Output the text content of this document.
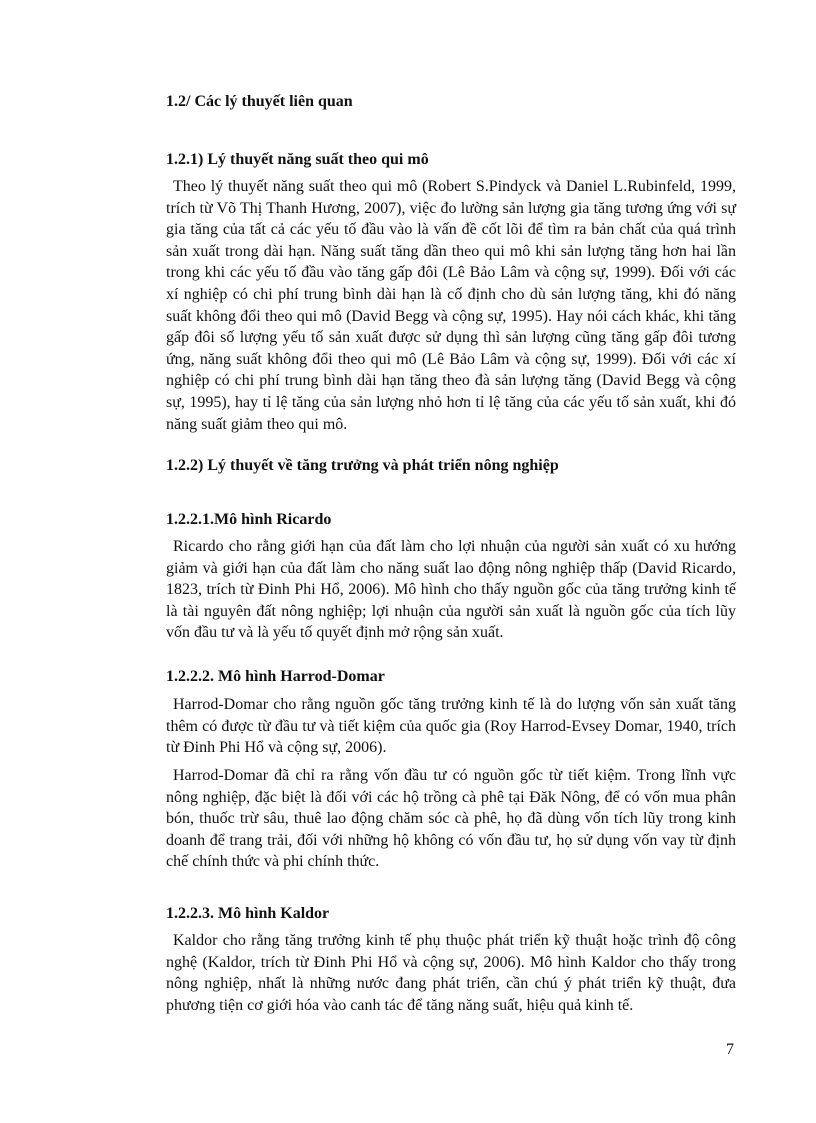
1.2/ Các lý thuyết liên quan
1.2.1) Lý thuyết năng suất theo qui mô

Theo lý thuyết năng suất theo qui mô (Robert S.Pindyck và Daniel L.Rubinfeld, 1999, trích từ Võ Thị Thanh Hương, 2007), việc đo lường sản lượng gia tăng tương ứng với sự gia tăng của tất cả các yếu tố đầu vào là vấn đề cốt lõi để tìm ra bản chất của quá trình sản xuất trong dài hạn. Năng suất tăng dần theo qui mô khi sản lượng tăng hơn hai lần trong khi các yếu tố đầu vào tăng gấp đôi (Lê Bảo Lâm và cộng sự, 1999). Đối với các xí nghiệp có chi phí trung bình dài hạn là cố định cho dù sản lượng tăng, khi đó năng suất không đổi theo qui mô (David Begg và cộng sự, 1995). Hay nói cách khác, khi tăng gấp đôi số lượng yếu tố sản xuất được sử dụng thì sản lượng cũng tăng gấp đôi tương ứng, năng suất không đổi theo qui mô (Lê Bảo Lâm và cộng sự, 1999). Đối với các xí nghiệp có chi phí trung bình dài hạn tăng theo đà sản lượng tăng (David Begg và cộng sự, 1995), hay tỉ lệ tăng của sản lượng nhỏ hơn tỉ lệ tăng của các yếu tố sản xuất, khi đó năng suất giảm theo qui mô.

1.2.2) Lý thuyết về tăng trưởng và phát triển nông nghiệp
1.2.2.1.Mô hình Ricardo

Ricardo cho rằng giới hạn của đất làm cho lợi nhuận của người sản xuất có xu hướng giảm và giới hạn của đất làm cho năng suất lao động nông nghiệp thấp (David Ricardo, 1823, trích từ Đinh Phi Hổ, 2006). Mô hình cho thấy nguồn gốc của tăng trưởng kinh tế là tài nguyên đất nông nghiệp; lợi nhuận của người sản xuất là nguồn gốc của tích lũy vốn đầu tư và là yếu tố quyết định mở rộng sản xuất.

1.2.2.2. Mô hình Harrod-Domar

Harrod-Domar cho rằng nguồn gốc tăng trưởng kinh tế là do lượng vốn sản xuất tăng thêm có được từ đầu tư và tiết kiệm của quốc gia (Roy Harrod-Evsey Domar, 1940, trích từ Đinh Phi Hổ và cộng sự, 2006).

Harrod-Domar đã chỉ ra rằng vốn đầu tư có nguồn gốc từ tiết kiệm. Trong lĩnh vực nông nghiệp, đặc biệt là đối với các hộ trồng cà phê tại Đăk Nông, để có vốn mua phân bón, thuốc trừ sâu, thuê lao động chăm sóc cà phê, họ đã dùng vốn tích lũy trong kinh doanh để trang trải, đối với những hộ không có vốn đầu tư, họ sử dụng vốn vay từ định chế chính thức và phi chính thức.

1.2.2.3. Mô hình Kaldor

Kaldor cho rằng tăng trưởng kinh tế phụ thuộc phát triển kỹ thuật hoặc trình độ công nghệ (Kaldor, trích từ Đinh Phi Hổ và cộng sự, 2006). Mô hình Kaldor cho thấy trong nông nghiệp, nhất là những nước đang phát triển, cần chú ý phát triển kỹ thuật, đưa phương tiện cơ giới hóa vào canh tác để tăng năng suất, hiệu quả kinh tế.

7
